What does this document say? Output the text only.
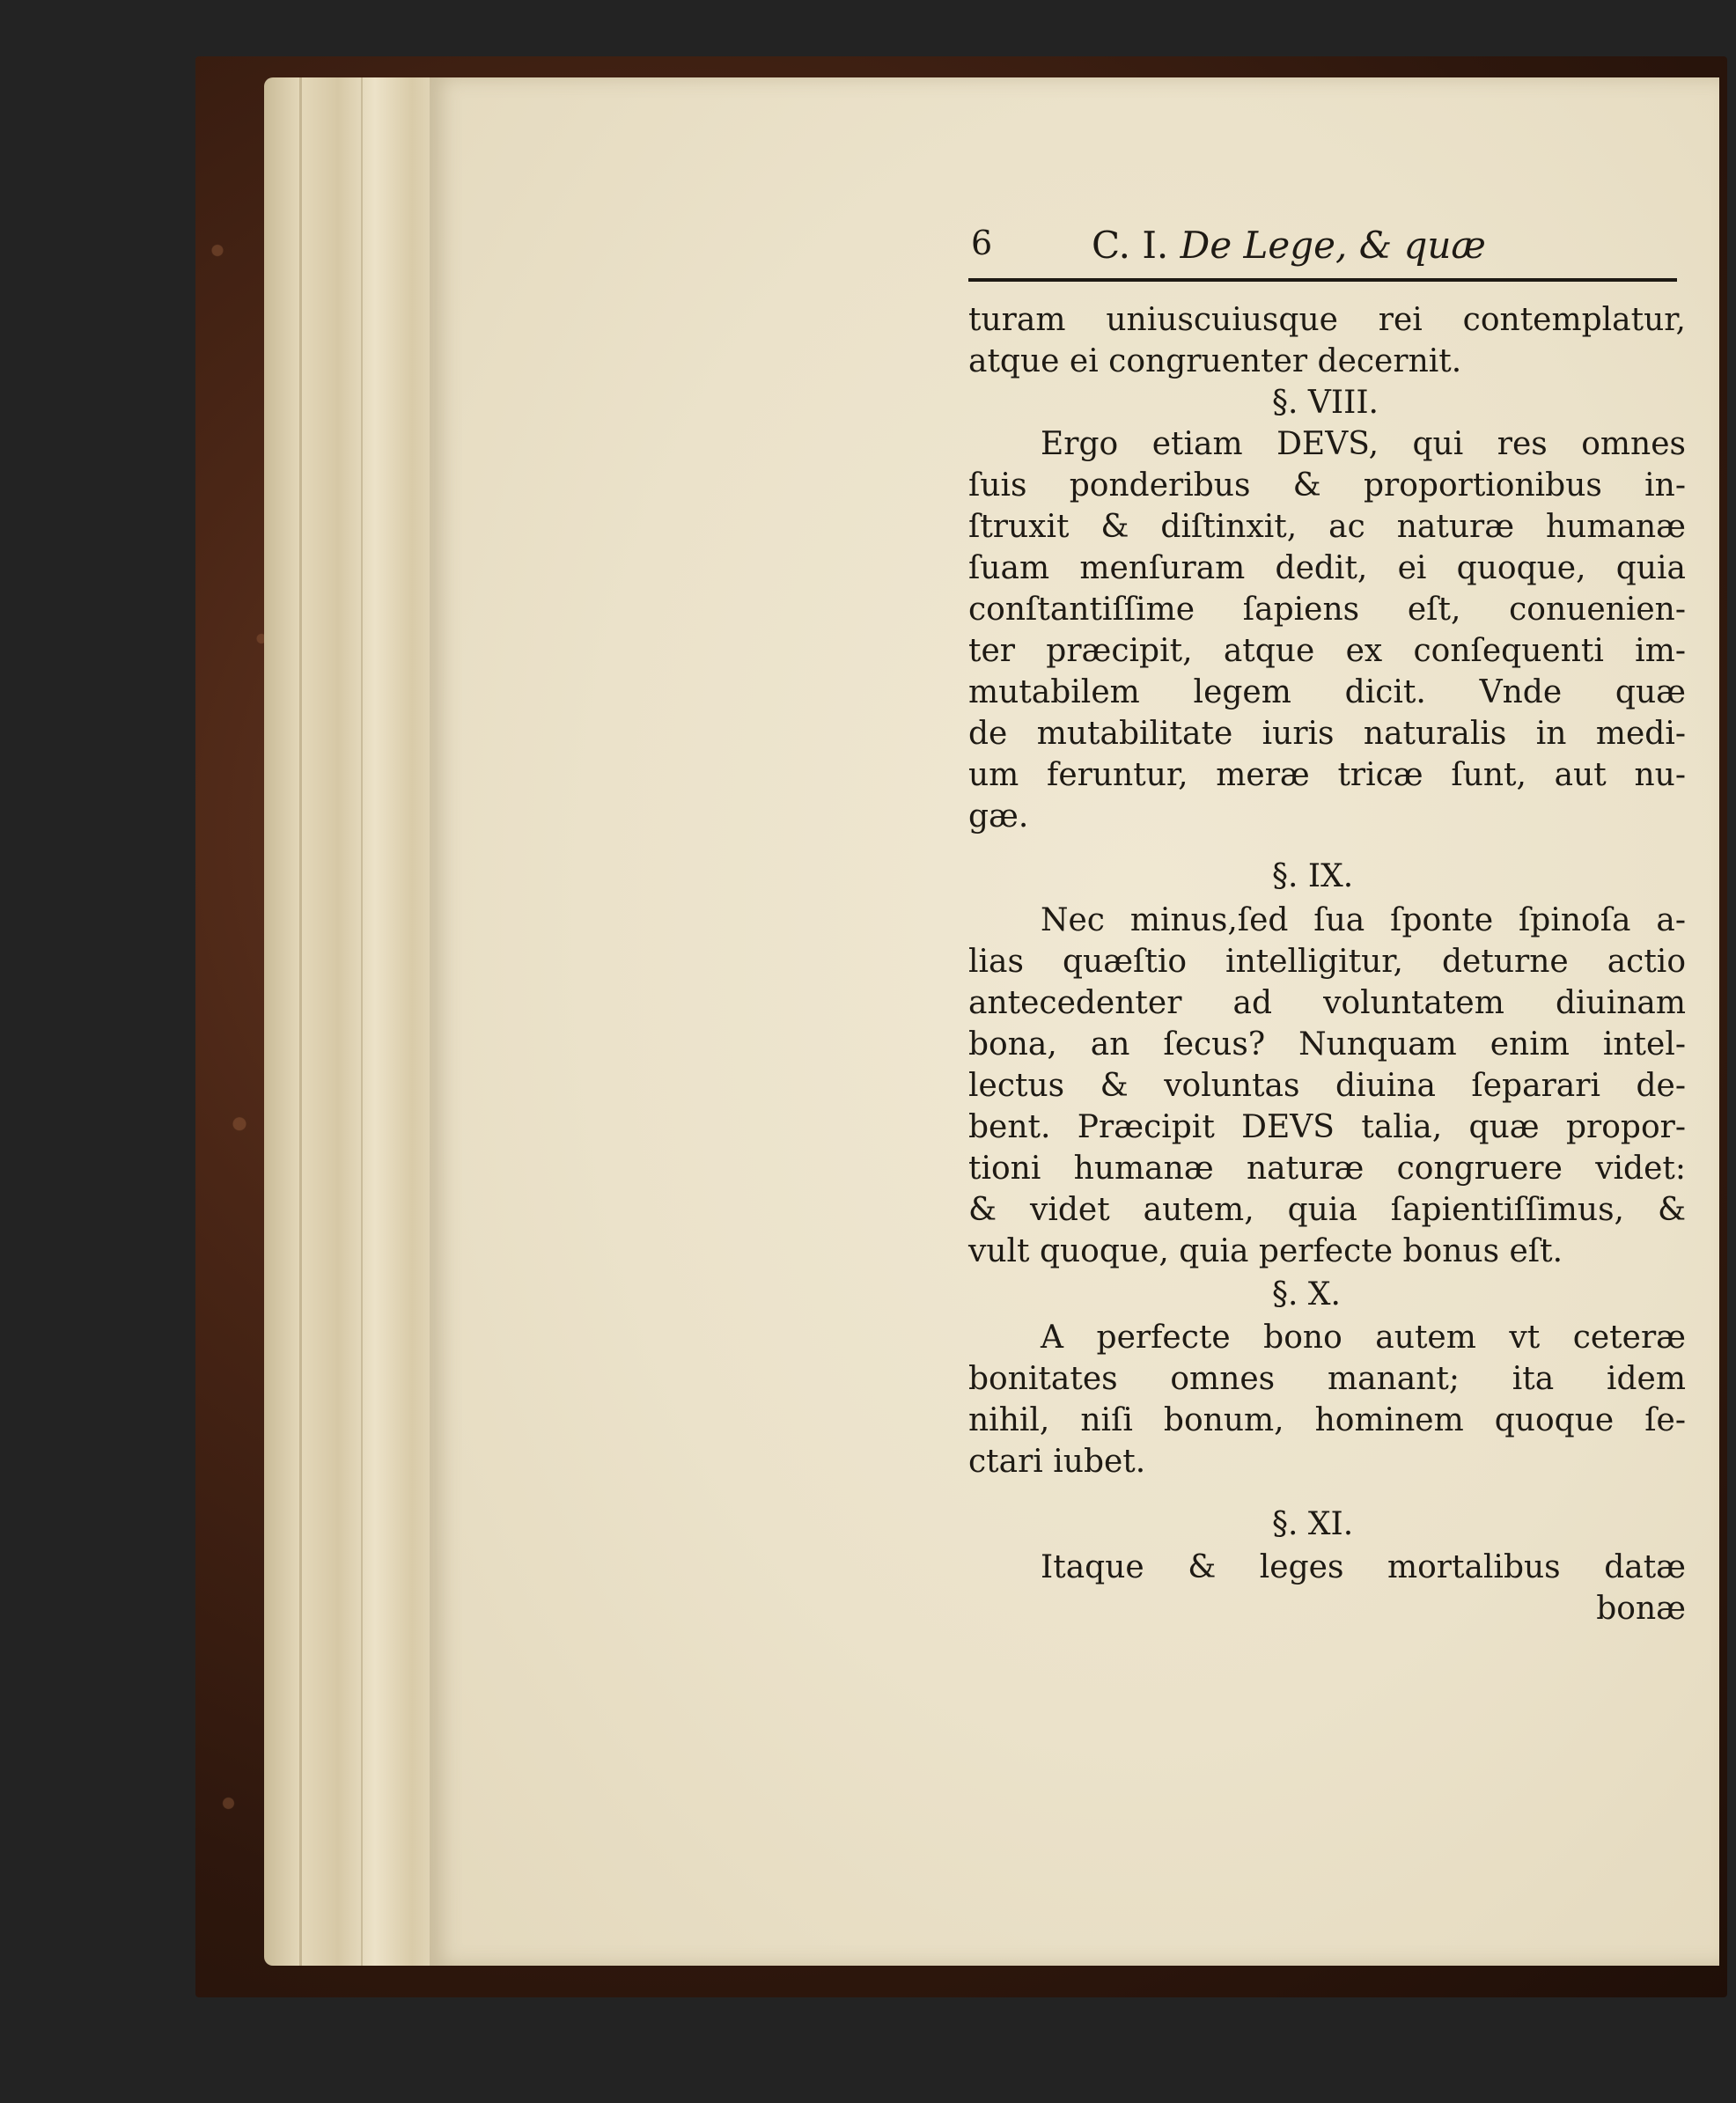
6	C. I. De Lege, & quæ
turam uniuscuiusque rei contemplatur,
atque ei congruenter decernit.
§. VIII.
Ergo etiam DEVS, qui res omnes
ſuis ponderibus & proportionibus in-
ſtruxit & diſtinxit, ac naturæ humanæ
ſuam menſuram dedit, ei quoque, quia
conſtantiſſime ſapiens eſt, conuenien-
ter præcipit, atque ex conſequenti im-
mutabilem legem dicit. Vnde quæ
de mutabilitate iuris naturalis in medi-
um feruntur, meræ tricæ ſunt, aut nu-
gæ.
§. IX.
Nec minus,ſed ſua ſponte ſpinoſa a-
lias quæſtio intelligitur, deturne actio
antecedenter ad voluntatem diuinam
bona, an ſecus? Nunquam enim intel-
lectus & voluntas diuina ſeparari de-
bent. Præcipit DEVS talia, quæ propor-
tioni humanæ naturæ congruere videt:
& videt autem, quia ſapientiſſimus, &
vult quoque, quia perfecte bonus eſt.
§. X.
A perfecte bono autem vt ceteræ
bonitates omnes manant; ita idem
nihil, niſi bonum, hominem quoque ſe-
ctari iubet.
§. XI.
Itaque & leges mortalibus datæ
bonæ
